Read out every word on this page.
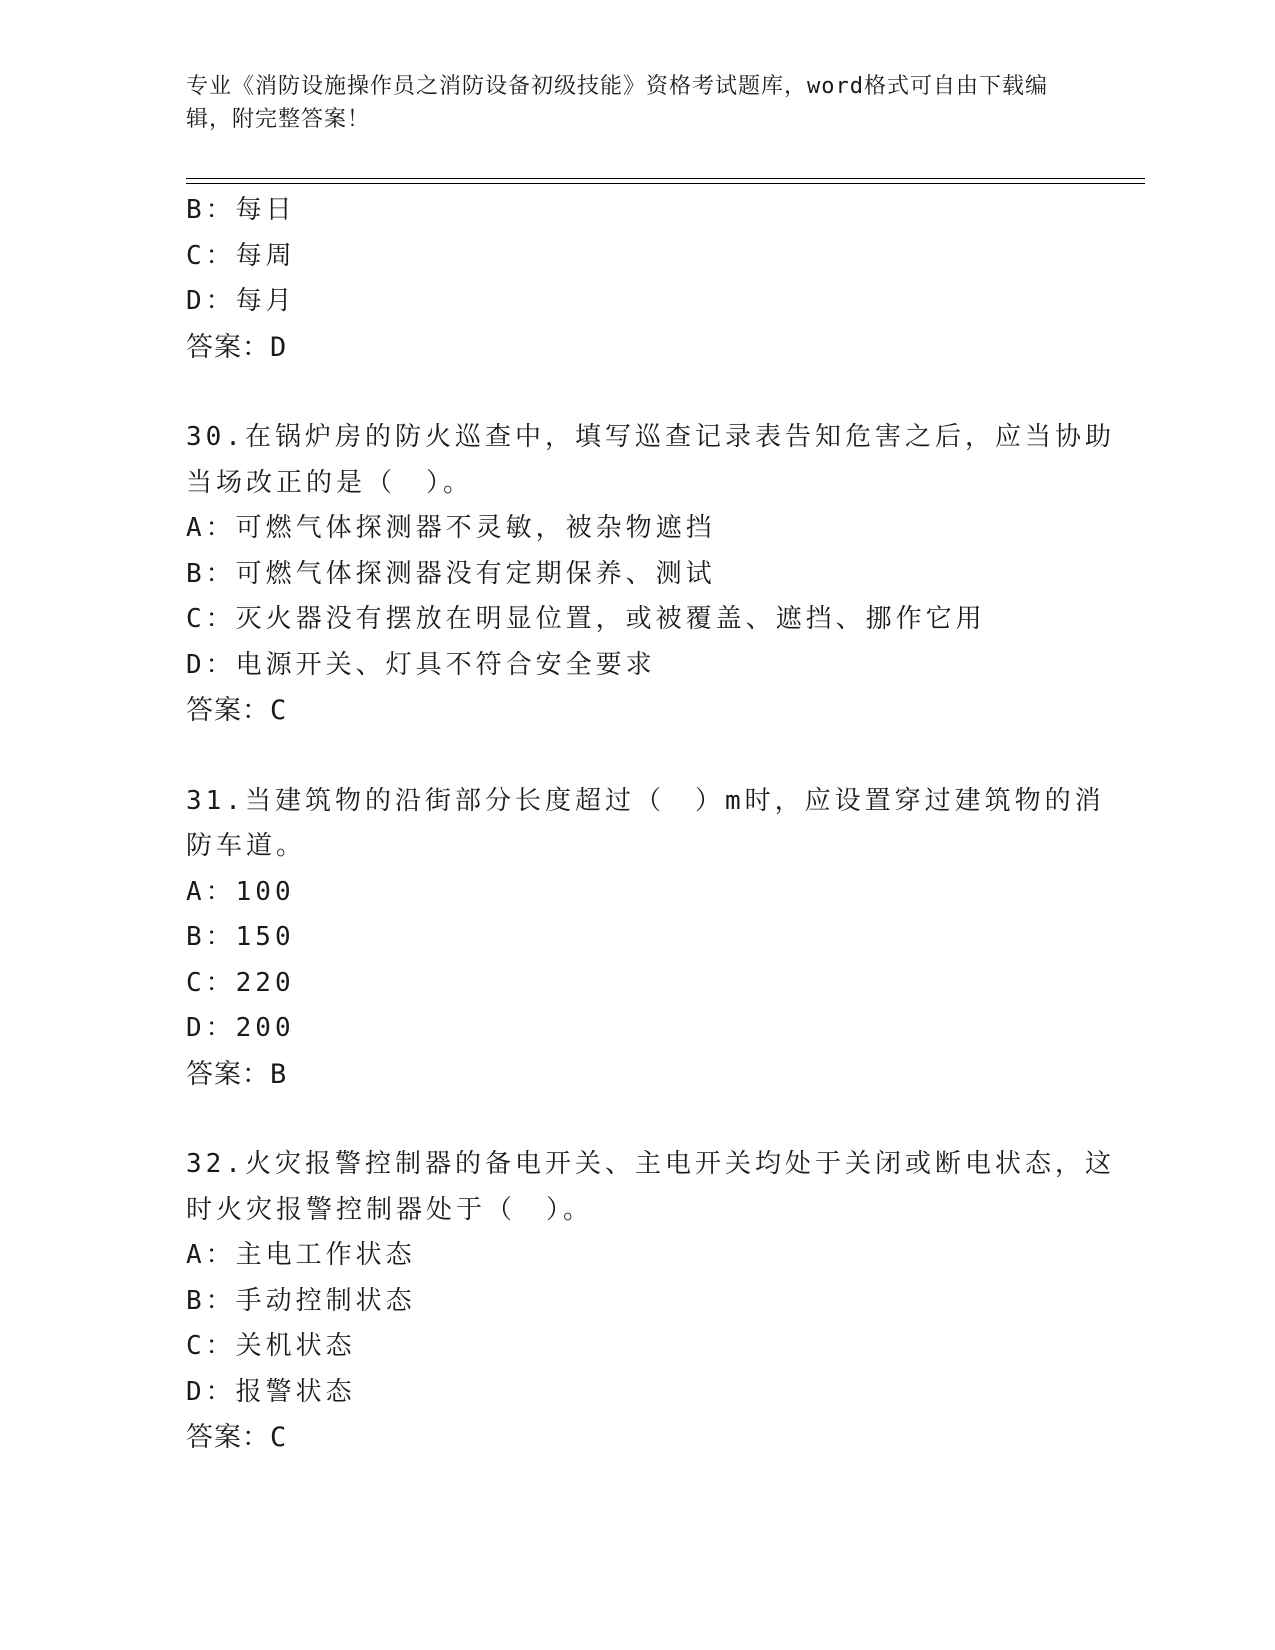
专业《消防设施操作员之消防设备初级技能》资格考试题库，word格式可自由下载编辑，附完整答案！
B：每日
C：每周
D：每月
答案：D
30.在锅炉房的防火巡查中，填写巡查记录表告知危害之后，应当协助
当场改正的是（　）。
A：可燃气体探测器不灵敏，被杂物遮挡
B：可燃气体探测器没有定期保养、测试
C：灭火器没有摆放在明显位置，或被覆盖、遮挡、挪作它用
D：电源开关、灯具不符合安全要求
答案：C
31.当建筑物的沿街部分长度超过（　）m时，应设置穿过建筑物的消
防车道。
A：100
B：150
C：220
D：200
答案：B
32.火灾报警控制器的备电开关、主电开关均处于关闭或断电状态，这
时火灾报警控制器处于（　）。
A：主电工作状态
B：手动控制状态
C：关机状态
D：报警状态
答案：C
